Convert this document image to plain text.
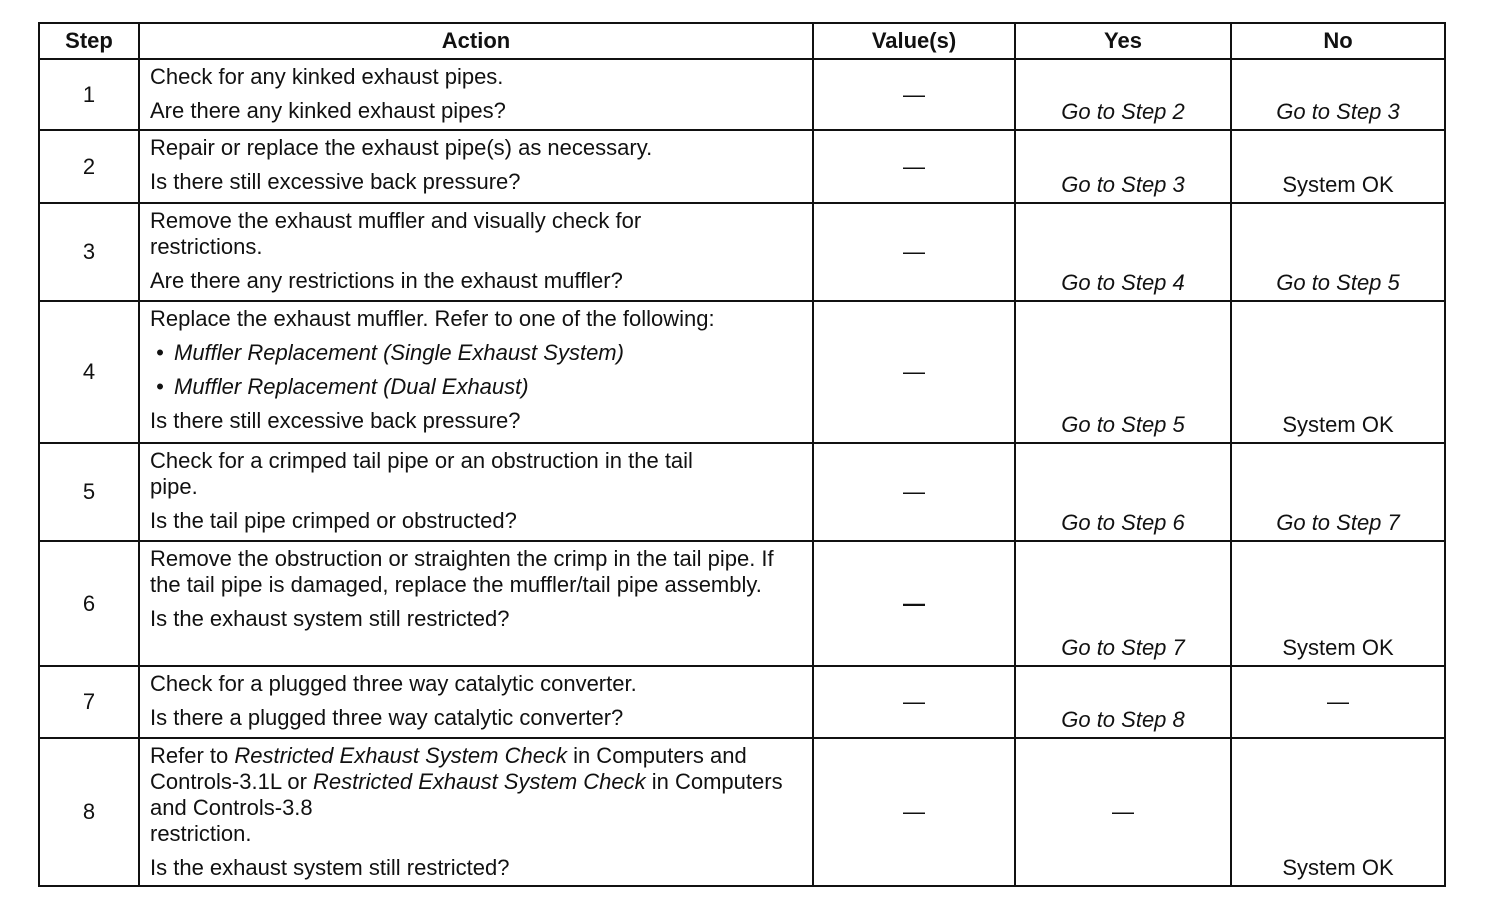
Step	Action	Value(s)	Yes	No
1	Check for any kinked exhaust pipes.
Are there any kinked exhaust pipes?	—	Go to Step 2	Go to Step 3
2	Repair or replace the exhaust pipe(s) as necessary.
Is there still excessive back pressure?	—	Go to Step 3	System OK
3	Remove the exhaust muffler and visually check for restrictions.
Are there any restrictions in the exhaust muffler?	—	Go to Step 4	Go to Step 5
4	Replace the exhaust muffler. Refer to one of the following:
• Muffler Replacement (Single Exhaust System)
• Muffler Replacement (Dual Exhaust)
Is there still excessive back pressure?	—	Go to Step 5	System OK
5	Check for a crimped tail pipe or an obstruction in the tail pipe.
Is the tail pipe crimped or obstructed?	—	Go to Step 6	Go to Step 7
6	Remove the obstruction or straighten the crimp in the tail pipe. If the tail pipe is damaged, replace the muffler/tail pipe assembly.
Is the exhaust system still restricted?	—	Go to Step 7	System OK
7	Check for a plugged three way catalytic converter.
Is there a plugged three way catalytic converter?	—	Go to Step 8	—
8	Refer to Restricted Exhaust System Check in Computers and Controls-3.1L or Restricted Exhaust System Check in Computers and Controls-3.8
restriction.
Is the exhaust system still restricted?	—	—	System OK
